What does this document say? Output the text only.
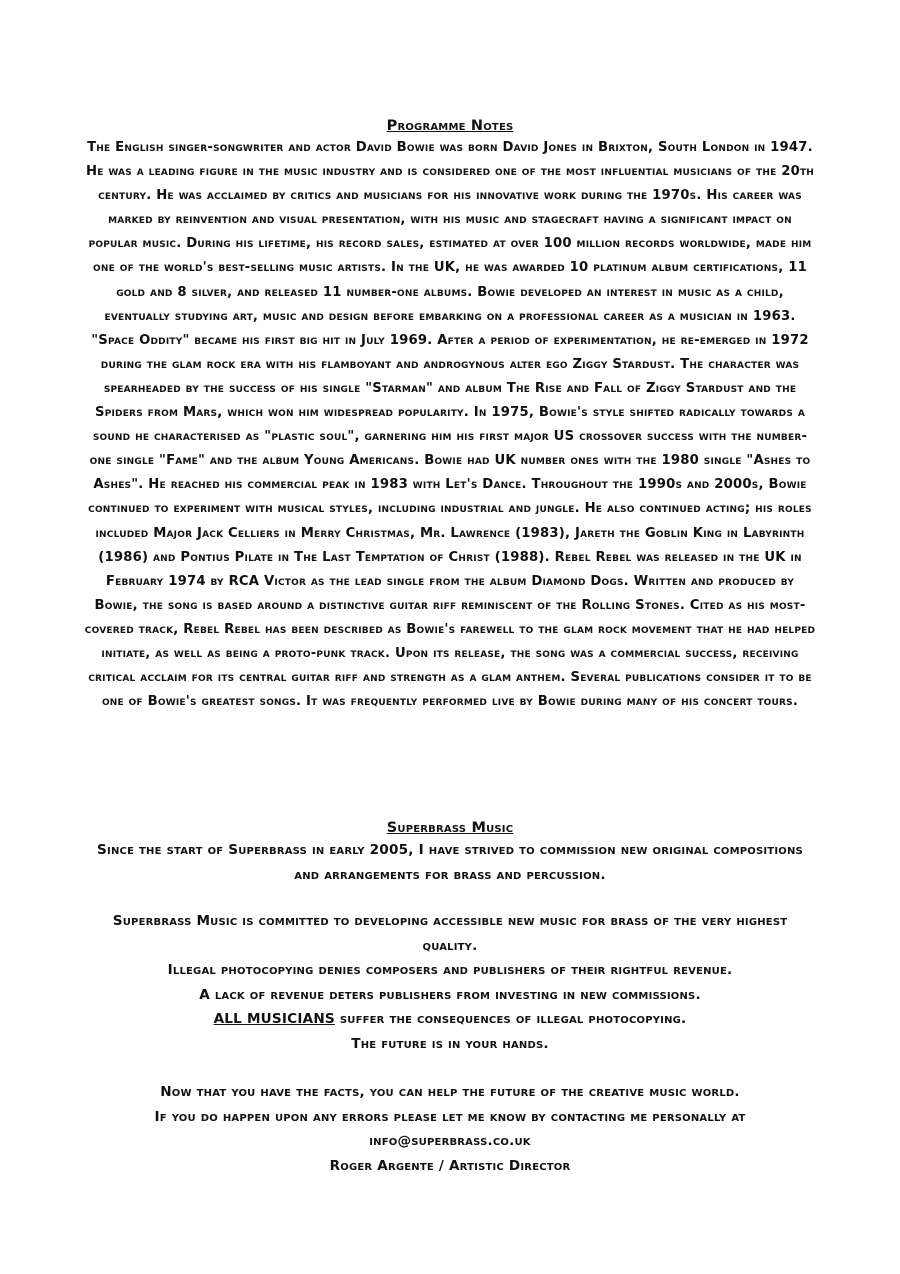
Programme Notes

The English singer-songwriter and actor David Bowie was born David Jones in Brixton, South London in 1947. He was a leading figure in the music industry and is considered one of the most influential musicians of the 20th century. He was acclaimed by critics and musicians for his innovative work during the 1970s. His career was marked by reinvention and visual presentation, with his music and stagecraft having a significant impact on popular music. During his lifetime, his record sales, estimated at over 100 million records worldwide, made him one of the world's best-selling music artists. In the UK, he was awarded 10 platinum album certifications, 11 gold and 8 silver, and released 11 number-one albums. Bowie developed an interest in music as a child, eventually studying art, music and design before embarking on a professional career as a musician in 1963. "Space Oddity" became his first big hit in July 1969. After a period of experimentation, he re-emerged in 1972 during the glam rock era with his flamboyant and androgynous alter ego Ziggy Stardust. The character was spearheaded by the success of his single "Starman" and album The Rise and Fall of Ziggy Stardust and the Spiders from Mars, which won him widespread popularity. In 1975, Bowie's style shifted radically towards a sound he characterised as "plastic soul", garnering him his first major US crossover success with the number-one single "Fame" and the album Young Americans. Bowie had UK number ones with the 1980 single "Ashes to Ashes". He reached his commercial peak in 1983 with Let's Dance. Throughout the 1990s and 2000s, Bowie continued to experiment with musical styles, including industrial and jungle. He also continued acting; his roles included Major Jack Celliers in Merry Christmas, Mr. Lawrence (1983), Jareth the Goblin King in Labyrinth (1986) and Pontius Pilate in The Last Temptation of Christ (1988). Rebel Rebel was released in the UK in February 1974 by RCA Victor as the lead single from the album Diamond Dogs. Written and produced by Bowie, the song is based around a distinctive guitar riff reminiscent of the Rolling Stones. Cited as his most-covered track, Rebel Rebel has been described as Bowie's farewell to the glam rock movement that he had helped initiate, as well as being a proto-punk track. Upon its release, the song was a commercial success, receiving critical acclaim for its central guitar riff and strength as a glam anthem. Several publications consider it to be one of Bowie's greatest songs. It was frequently performed live by Bowie during many of his concert tours.

Superbrass Music

Since the start of Superbrass in early 2005, I have strived to commission new original compositions and arrangements for brass and percussion.

Superbrass Music is committed to developing accessible new music for brass of the very highest quality.

Illegal photocopying denies composers and publishers of their rightful revenue.

A lack of revenue deters publishers from investing in new commissions.

ALL MUSICIANS suffer the consequences of illegal photocopying.

The future is in your hands.

Now that you have the facts, you can help the future of the creative music world.

If you do happen upon any errors please let me know by contacting me personally at

info@superbrass.co.uk

Roger Argente / Artistic Director
